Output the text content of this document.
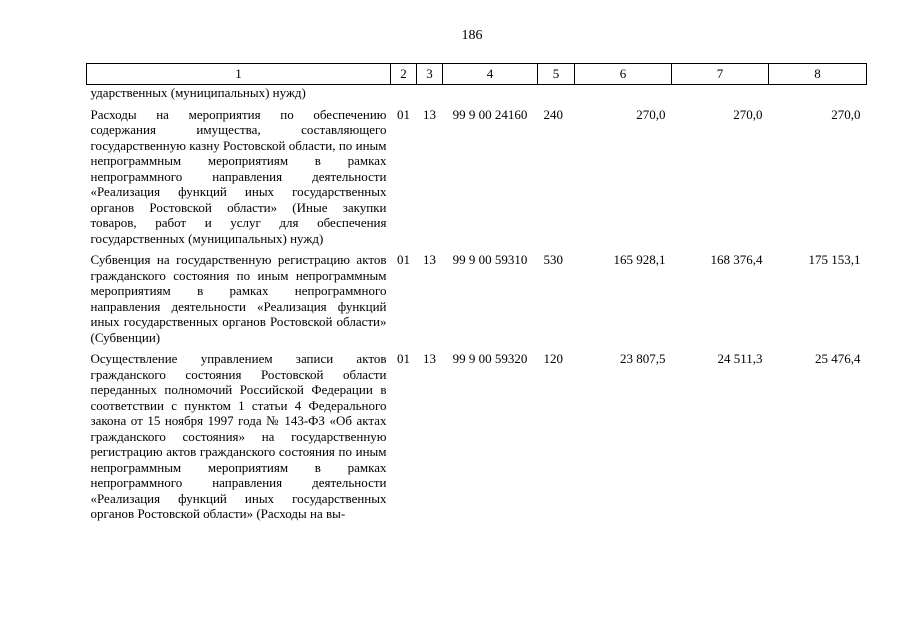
186
1	2	3	4	5	6	7	8
ударственных (муниципальных) нужд)							
Расходы на мероприятия по обеспечению содержания имущества, составляющего государственную казну Ростовской области, по иным непрограммным мероприятиям в рамках непрограммного направления деятельности «Реализация функций иных государственных органов Ростовской области» (Иные закупки товаров, работ и услуг для обеспечения государственных (муниципальных) нужд)	01	13	99 9 00 24160	240	270,0	270,0	270,0
Субвенция на государственную регистрацию актов гражданского состояния по иным непрограммным мероприятиям в рамках непрограммного направления деятельности «Реализация функций иных государственных органов Ростовской области» (Субвенции)	01	13	99 9 00 59310	530	165 928,1	168 376,4	175 153,1
Осуществление управлением записи актов гражданского состояния Ростовской области переданных полномочий Российской Федерации в соответствии с пунктом 1 статьи 4 Федерального закона от 15 ноября 1997 года № 143-ФЗ «Об актах гражданского состояния» на государственную регистрацию актов гражданского состояния по иным непрограммным мероприятиям в рамках непрограммного направления деятельности «Реализация функций иных государственных органов Ростовской области» (Расходы на вы-	01	13	99 9 00 59320	120	23 807,5	24 511,3	25 476,4
